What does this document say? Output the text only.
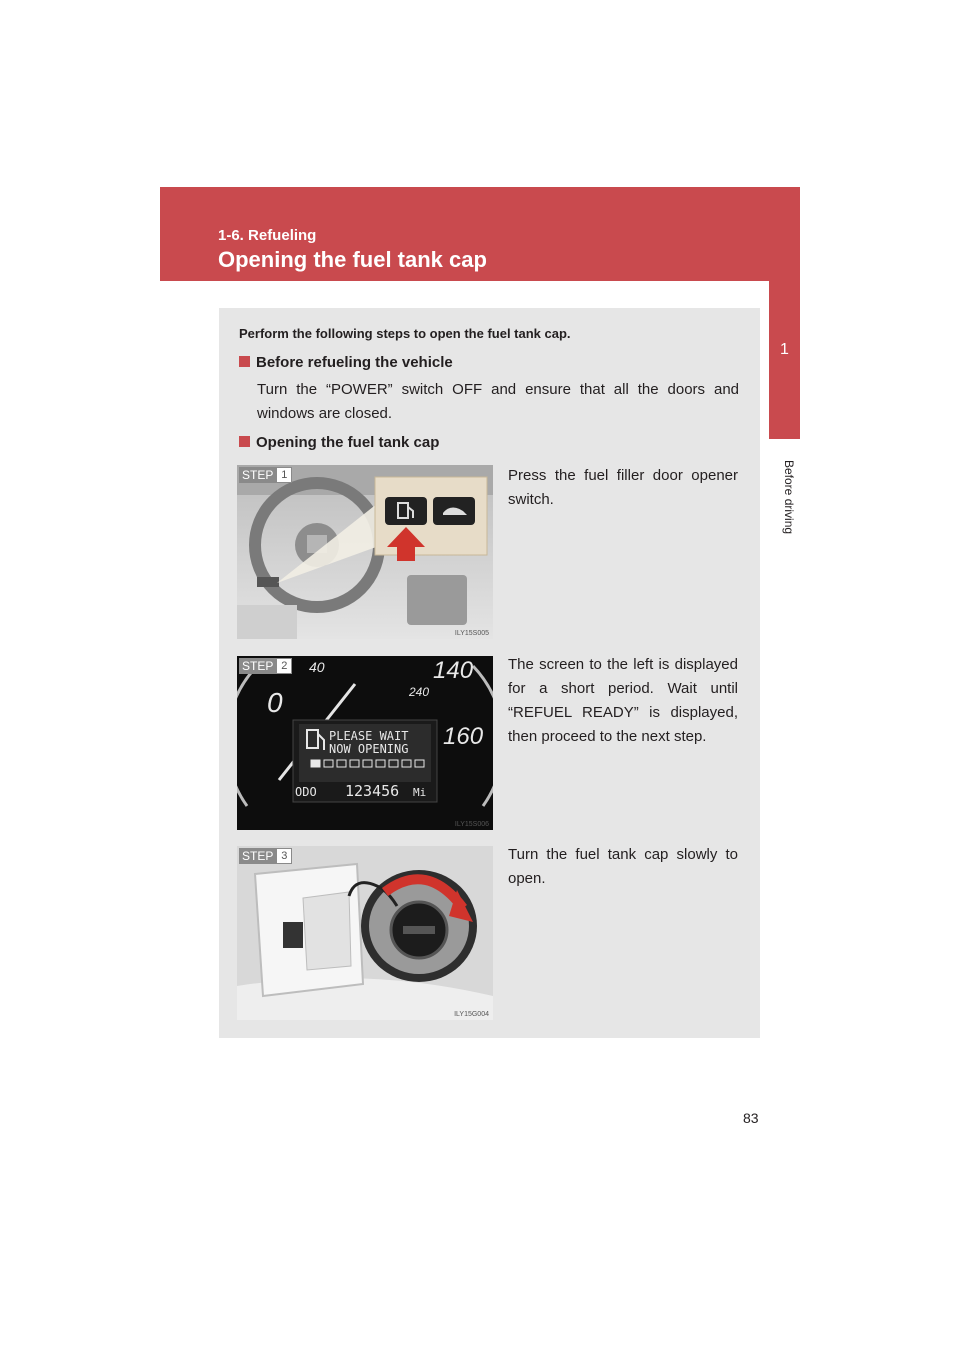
1-6. Refueling
Opening the fuel tank cap
1
Before driving
Perform the following steps to open the fuel tank cap.
Before refueling the vehicle
Turn the “POWER” switch OFF and ensure that all the doors and windows are closed.
Opening the fuel tank cap
STEP 1
ILY15S005
Press the fuel filler door opener switch.
0
40	140
160
240
PLEASE WAIT
NOW OPENING
ODO 123456 Mi
STEP 2
ILY15S006
The screen to the left is displayed for a short period. Wait until “REFUEL READY” is displayed, then proceed to the next step.
STEP 3
ILY15G004
Turn the fuel tank cap slowly to open.
83
